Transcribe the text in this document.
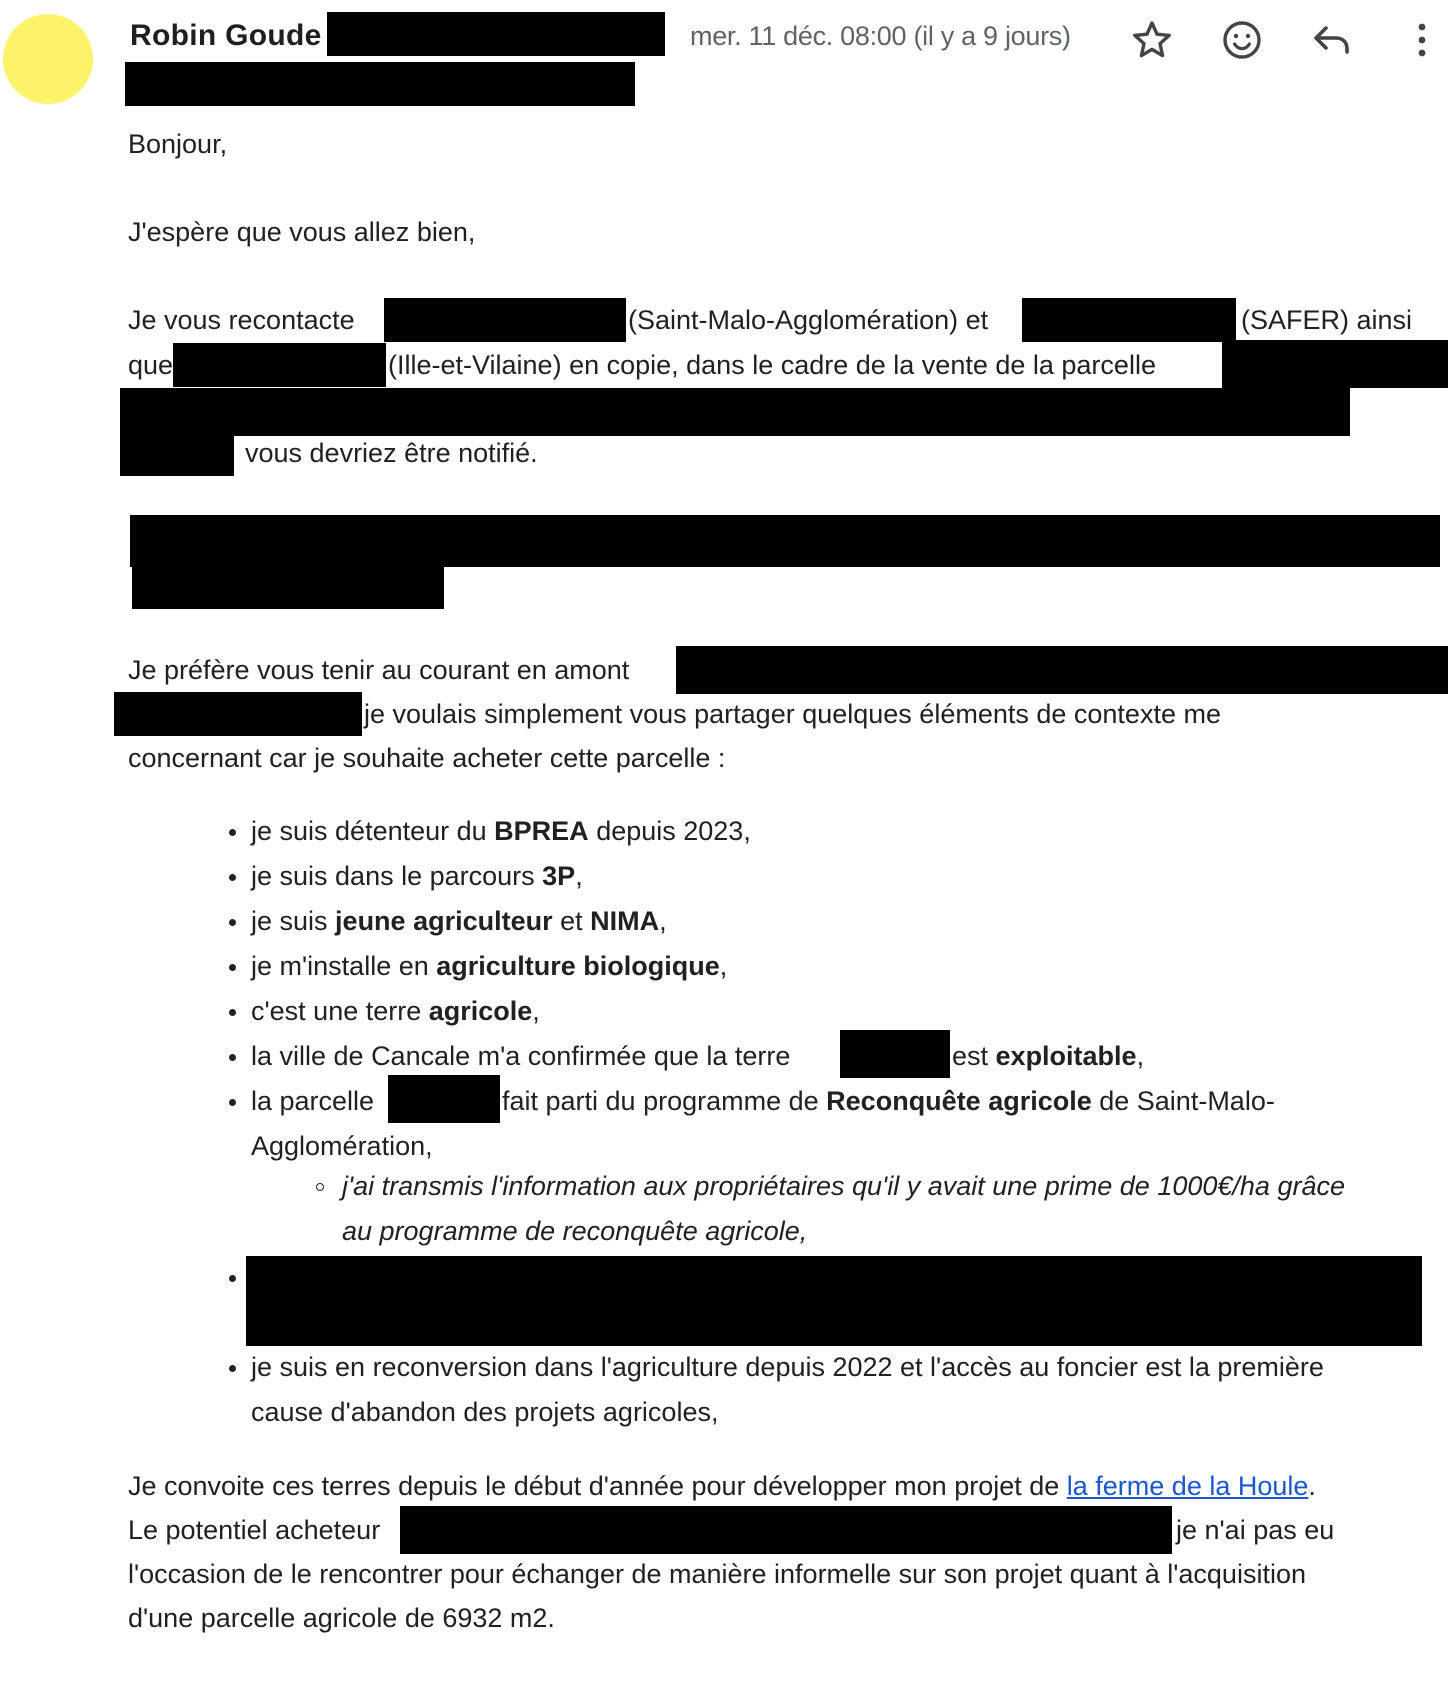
Robin Goude	mer. 11 déc. 08:00 (il y a 9 jours)
Bonjour,
J'espère que vous allez bien,
Je vous recontacte	(Saint-Malo-Agglomération) et	(SAFER) ainsi
que	(Ille-et-Vilaine) en copie, dans le cadre de la vente de la parcelle
vous devriez être notifié.
Je préfère vous tenir au courant en amont
je voulais simplement vous partager quelques éléments de contexte me
concernant car je souhaite acheter cette parcelle :
je suis détenteur du BPREA depuis 2023,
je suis dans le parcours 3P,
je suis jeune agriculteur et NIMA,
je m'installe en agriculture biologique,
c'est une terre agricole,
la ville de Cancale m'a confirmée que la terre	est exploitable,
la parcelle	fait parti du programme de Reconquête agricole de Saint-Malo-
Agglomération,
j'ai transmis l'information aux propriétaires qu'il y avait une prime de 1000€/ha grâce
au programme de reconquête agricole,
je suis en reconversion dans l'agriculture depuis 2022 et l'accès au foncier est la première
cause d'abandon des projets agricoles,
Je convoite ces terres depuis le début d'année pour développer mon projet de la ferme de la Houle.
Le potentiel acheteur	je n'ai pas eu
l'occasion de le rencontrer pour échanger de manière informelle sur son projet quant à l'acquisition
d'une parcelle agricole de 6932 m2.
